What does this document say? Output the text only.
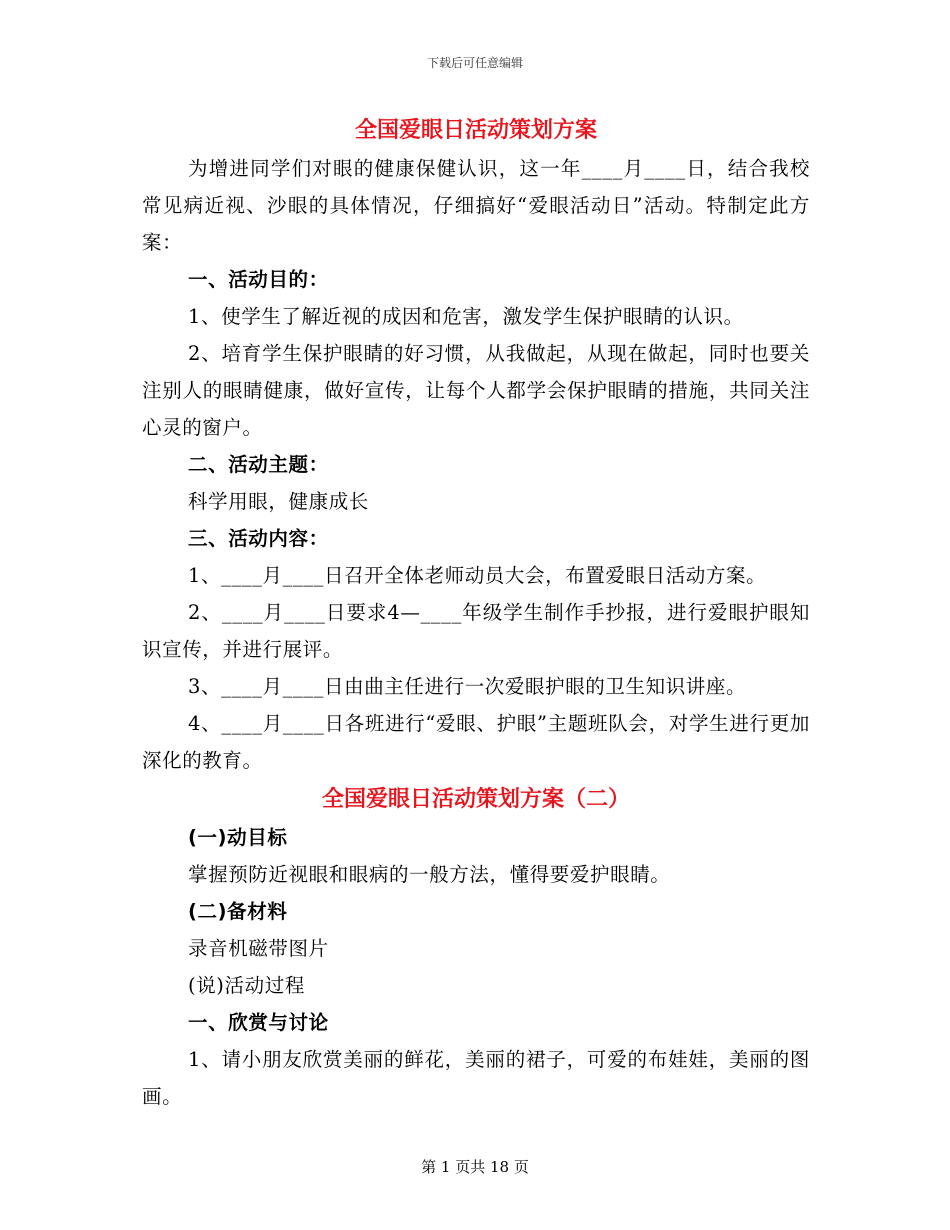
下载后可任意编辑
全国爱眼日活动策划方案

为增进同学们对眼的健康保健认识，这一年____月____日，结合我校常见病近视、沙眼的具体情况，仔细搞好“爱眼活动日”活动。特制定此方案：

一、活动目的：

1、使学生了解近视的成因和危害，激发学生保护眼睛的认识。

2、培育学生保护眼睛的好习惯，从我做起，从现在做起，同时也要关注别人的眼睛健康，做好宣传，让每个人都学会保护眼睛的措施，共同关注心灵的窗户。

二、活动主题：

科学用眼，健康成长

三、活动内容：

1、____月____日召开全体老师动员大会，布置爱眼日活动方案。

2、____月____日要求4—____年级学生制作手抄报，进行爱眼护眼知识宣传，并进行展评。

3、____月____日由曲主任进行一次爱眼护眼的卫生知识讲座。

4、____月____日各班进行“爱眼、护眼”主题班队会，对学生进行更加深化的教育。

全国爱眼日活动策划方案（二）

(一)动目标

掌握预防近视眼和眼病的一般方法，懂得要爱护眼睛。

(二)备材料

录音机磁带图片

(说)活动过程

一、欣赏与讨论

1、请小朋友欣赏美丽的鲜花，美丽的裙子，可爱的布娃娃，美丽的图画。

第 1 页共 18 页
